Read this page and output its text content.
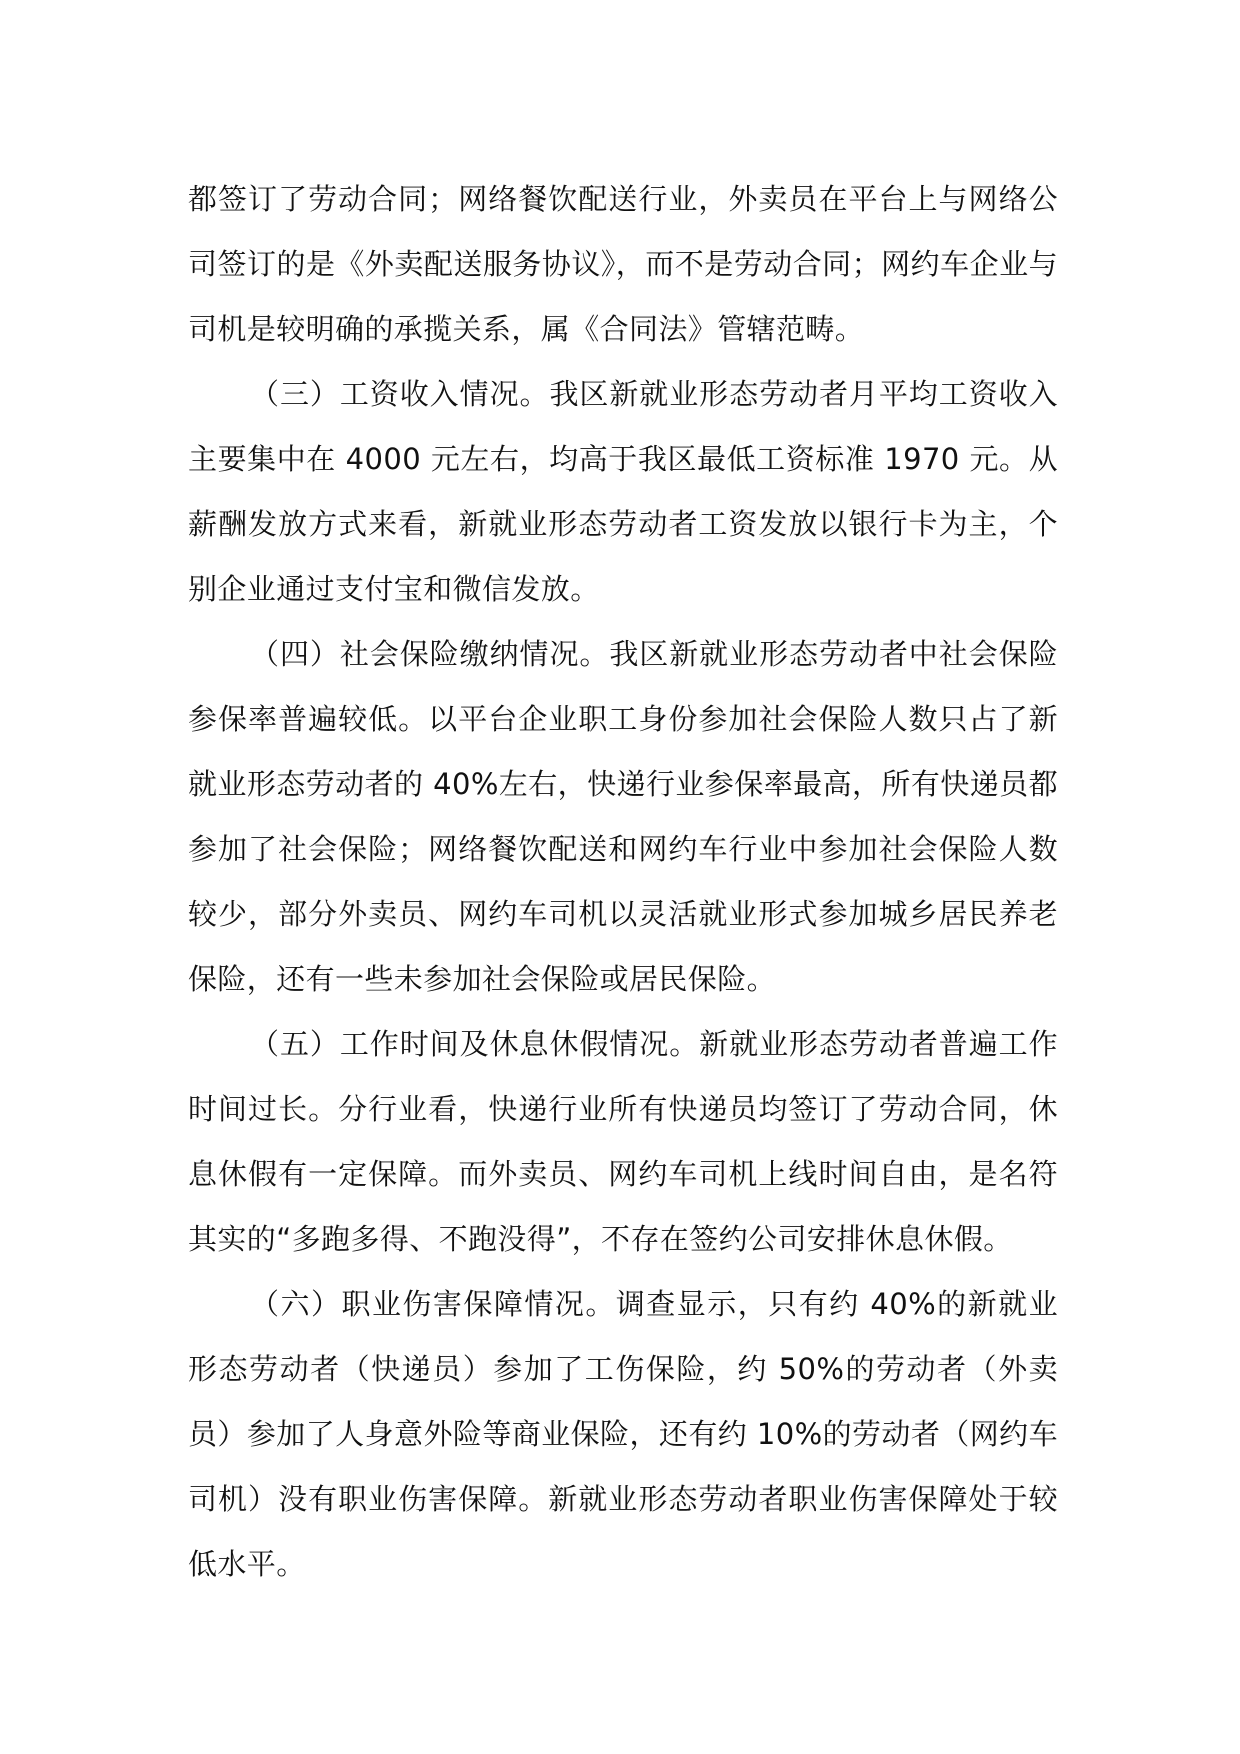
都签订了劳动合同；网络餐饮配送行业，外卖员在平台上与网络公司签订的是《外卖配送服务协议》，而不是劳动合同；网约车企业与司机是较明确的承揽关系，属《合同法》管辖范畴。

（三）工资收入情况。我区新就业形态劳动者月平均工资收入主要集中在 4000 元左右，均高于我区最低工资标准 1970 元。从薪酬发放方式来看，新就业形态劳动者工资发放以银行卡为主，个别企业通过支付宝和微信发放。

（四）社会保险缴纳情况。我区新就业形态劳动者中社会保险参保率普遍较低。以平台企业职工身份参加社会保险人数只占了新就业形态劳动者的 40%左右，快递行业参保率最高，所有快递员都参加了社会保险；网络餐饮配送和网约车行业中参加社会保险人数较少，部分外卖员、网约车司机以灵活就业形式参加城乡居民养老保险，还有一些未参加社会保险或居民保险。

（五）工作时间及休息休假情况。新就业形态劳动者普遍工作时间过长。分行业看，快递行业所有快递员均签订了劳动合同，休息休假有一定保障。而外卖员、网约车司机上线时间自由，是名符其实的“多跑多得、不跑没得”，不存在签约公司安排休息休假。

（六）职业伤害保障情况。调查显示，只有约 40%的新就业形态劳动者（快递员）参加了工伤保险，约 50%的劳动者（外卖员）参加了人身意外险等商业保险，还有约 10%的劳动者（网约车司机）没有职业伤害保障。新就业形态劳动者职业伤害保障处于较低水平。
